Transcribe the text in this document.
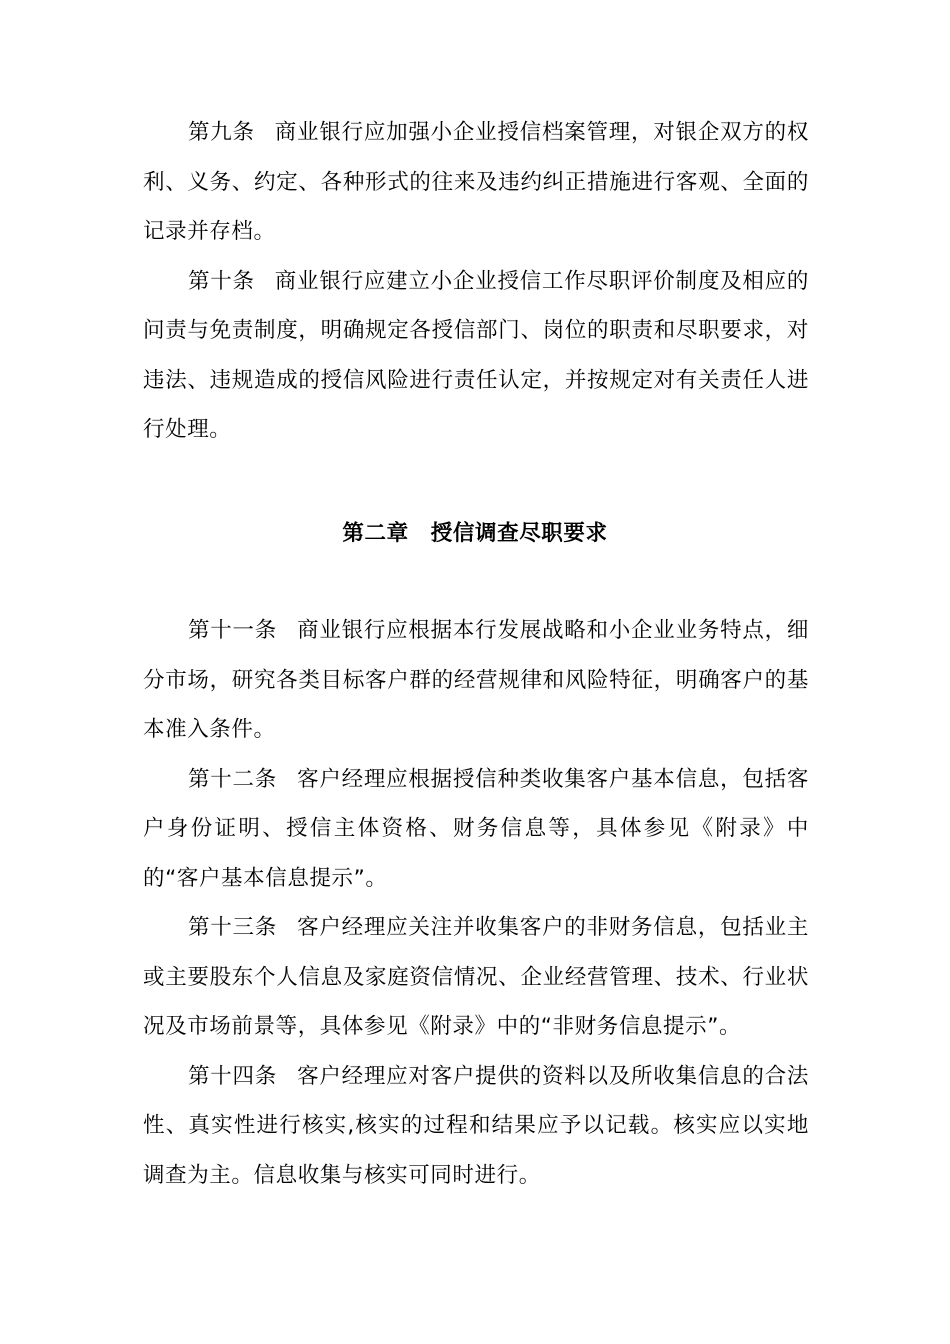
第九条 商业银行应加强小企业授信档案管理，对银企双方的权利、义务、约定、各种形式的往来及违约纠正措施进行客观、全面的记录并存档。

第十条 商业银行应建立小企业授信工作尽职评价制度及相应的问责与免责制度，明确规定各授信部门、岗位的职责和尽职要求，对违法、违规造成的授信风险进行责任认定，并按规定对有关责任人进行处理。

第二章　授信调查尽职要求

第十一条 商业银行应根据本行发展战略和小企业业务特点，细分市场，研究各类目标客户群的经营规律和风险特征，明确客户的基本准入条件。

第十二条 客户经理应根据授信种类收集客户基本信息，包括客户身份证明、授信主体资格、财务信息等，具体参见《附录》中的“客户基本信息提示”。

第十三条 客户经理应关注并收集客户的非财务信息，包括业主或主要股东个人信息及家庭资信情况、企业经营管理、技术、行业状况及市场前景等，具体参见《附录》中的“非财务信息提示”。

第十四条 客户经理应对客户提供的资料以及所收集信息的合法性、真实性进行核实,核实的过程和结果应予以记载。核实应以实地调查为主。信息收集与核实可同时进行。
